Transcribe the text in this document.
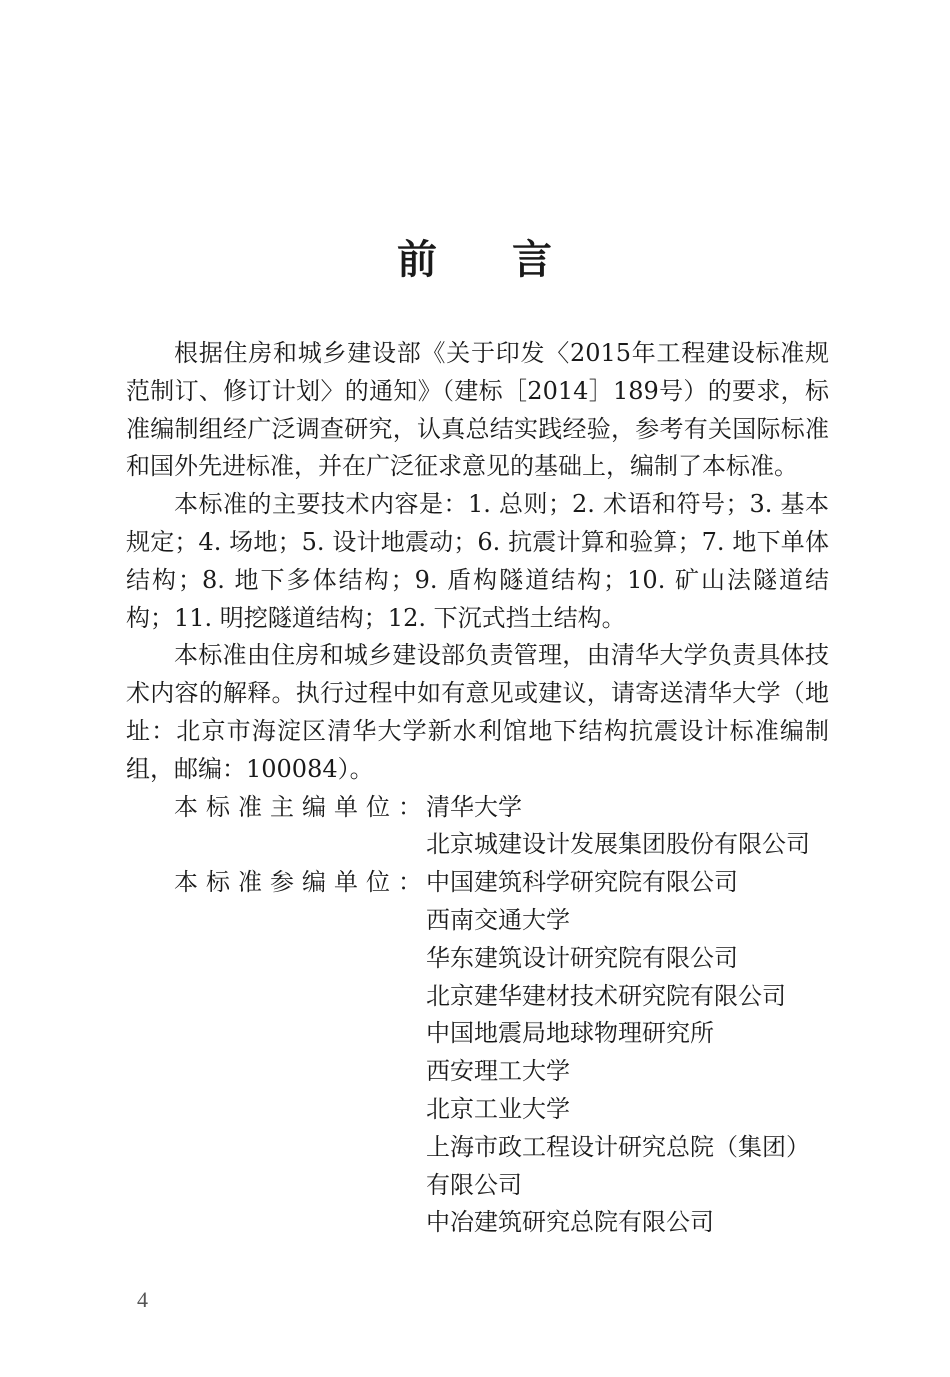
前 言

根据住房和城乡建设部《关于印发〈2015年工程建设标准规范制订、修订计划〉的通知》（建标［2014］189号）的要求，标准编制组经广泛调查研究，认真总结实践经验，参考有关国际标准和国外先进标准，并在广泛征求意见的基础上，编制了本标准。

本标准的主要技术内容是：1. 总则；2. 术语和符号；3. 基本规定；4. 场地；5. 设计地震动；6. 抗震计算和验算；7. 地下单体结构；8. 地下多体结构；9. 盾构隧道结构；10. 矿山法隧道结构；11. 明挖隧道结构；12. 下沉式挡土结构。

本标准由住房和城乡建设部负责管理，由清华大学负责具体技术内容的解释。执行过程中如有意见或建议，请寄送清华大学（地址：北京市海淀区清华大学新水利馆地下结构抗震设计标准编制组，邮编：100084）。

本标准主编单位：
清华大学
北京城建设计发展集团股份有限公司
本标准参编单位：
中国建筑科学研究院有限公司
西南交通大学
华东建筑设计研究院有限公司
北京建华建材技术研究院有限公司
中国地震局地球物理研究所
西安理工大学
北京工业大学
上海市政工程设计研究总院（集团）
有限公司
中冶建筑研究总院有限公司
4
